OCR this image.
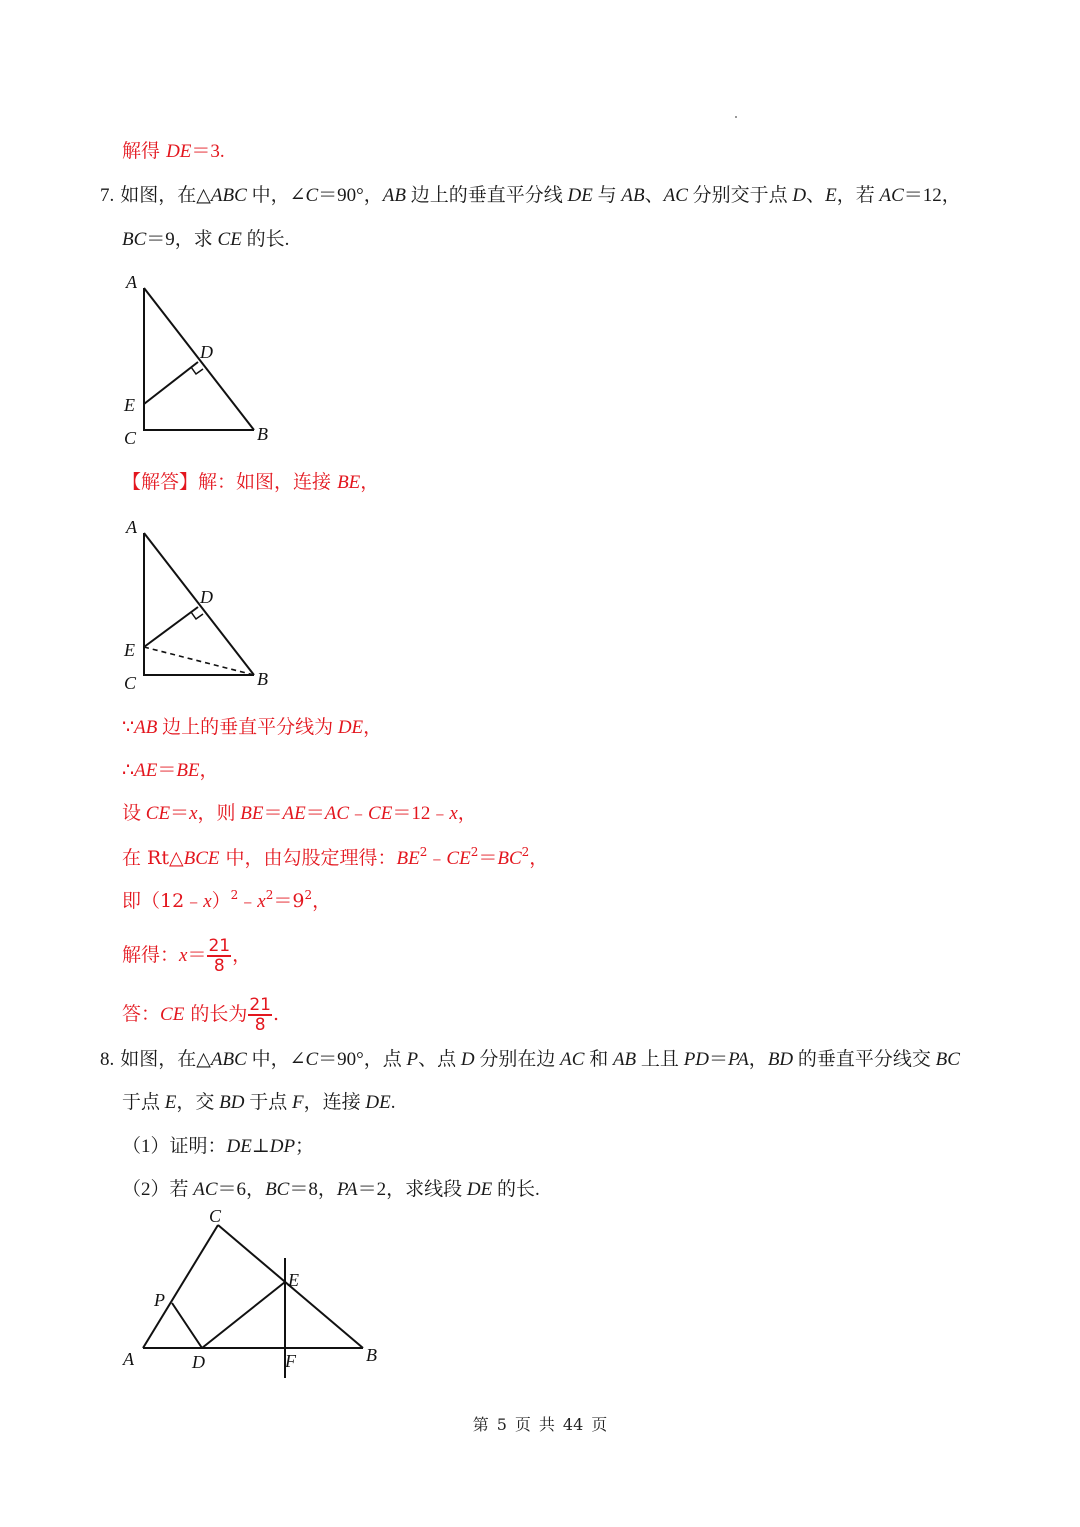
解得 DE＝3.
7. 如图，在△ABC 中，∠C＝90°，AB 边上的垂直平分线 DE 与 AB、AC 分别交于点 D、E，若 AC＝12，
BC＝9，求 CE 的长.
A
D
E
C	B
【解答】解：如图，连接 BE，
A
D
E
C	B
∵AB 边上的垂直平分线为 DE，
∴AE＝BE，
设 CE＝x，则 BE＝AE＝AC﹣CE＝12﹣x，
在 Rt△BCE 中，由勾股定理得：$BE^2﹣CE^2=BC^2$，
即$(12﹣x)^2﹣x^2=9^2$，
解得：$x= \frac{21}{8}$ ，
答：CE 的长为 $\frac{21}{8}$ .
8. 如图，在△ABC 中，∠C＝90°，点 P、点 D 分别在边 AC 和 AB 上且 PD＝PA，BD 的垂直平分线交 BC
于点 E，交 BD 于点 F，连接 DE.
（1）证明：DE⊥DP；
（2）若 AC＝6，BC＝8，PA＝2，求线段 DE 的长.
C
E
P
A	D	F	B
第 5 页 共 44 页
